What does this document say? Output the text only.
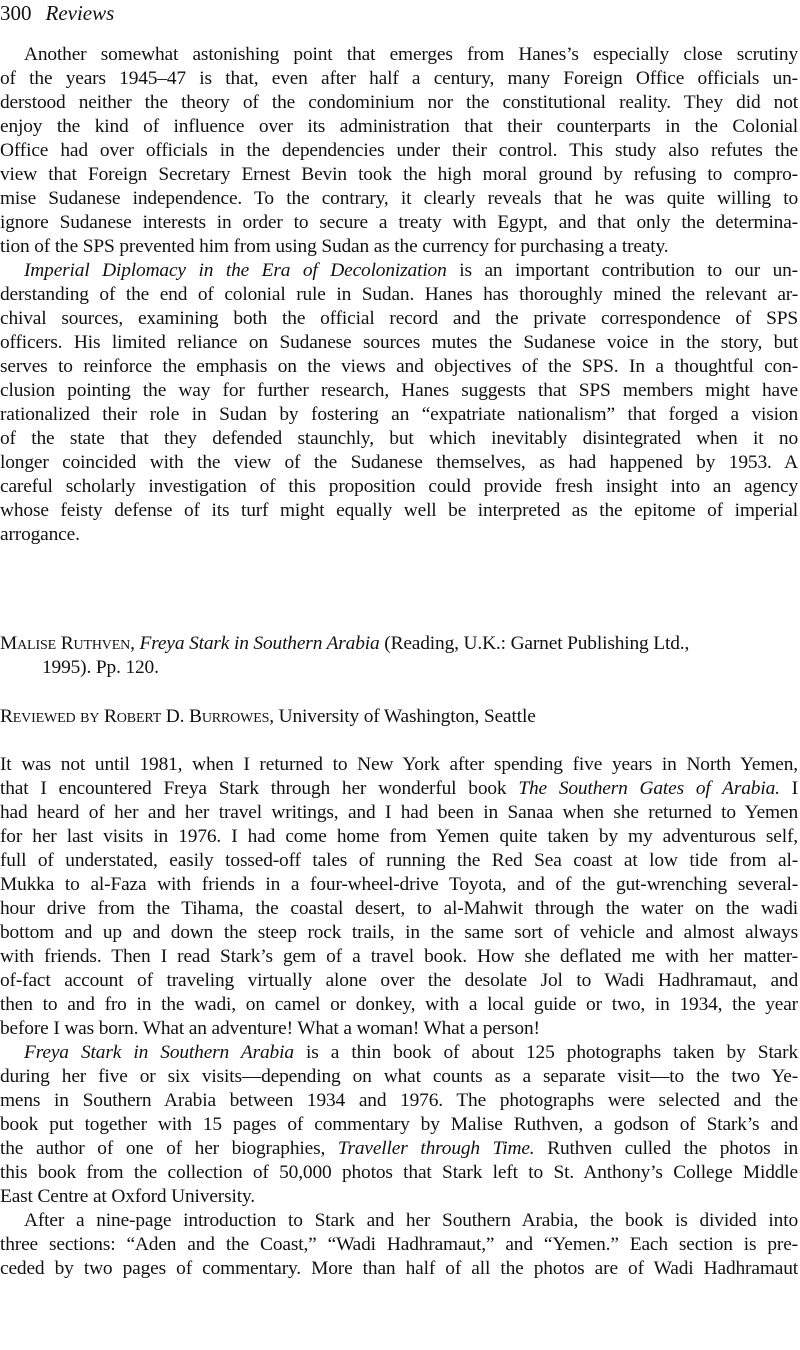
300 Reviews
Another somewhat astonishing point that emerges from Hanes’s especially close scrutiny
of the years 1945–47 is that, even after half a century, many Foreign Office officials un-
derstood neither the theory of the condominium nor the constitutional reality. They did not
enjoy the kind of influence over its administration that their counterparts in the Colonial
Office had over officials in the dependencies under their control. This study also refutes the
view that Foreign Secretary Ernest Bevin took the high moral ground by refusing to compro-
mise Sudanese independence. To the contrary, it clearly reveals that he was quite willing to
ignore Sudanese interests in order to secure a treaty with Egypt, and that only the determina-
tion of the SPS prevented him from using Sudan as the currency for purchasing a treaty.
Imperial Diplomacy in the Era of Decolonization is an important contribution to our un-
derstanding of the end of colonial rule in Sudan. Hanes has thoroughly mined the relevant ar-
chival sources, examining both the official record and the private correspondence of SPS
officers. His limited reliance on Sudanese sources mutes the Sudanese voice in the story, but
serves to reinforce the emphasis on the views and objectives of the SPS. In a thoughtful con-
clusion pointing the way for further research, Hanes suggests that SPS members might have
rationalized their role in Sudan by fostering an “expatriate nationalism” that forged a vision
of the state that they defended staunchly, but which inevitably disintegrated when it no
longer coincided with the view of the Sudanese themselves, as had happened by 1953. A
careful scholarly investigation of this proposition could provide fresh insight into an agency
whose feisty defense of its turf might equally well be interpreted as the epitome of imperial
arrogance.
Malise Ruthven, Freya Stark in Southern Arabia (Reading, U.K.: Garnet Publishing Ltd.,
1995). Pp. 120.
Reviewed by Robert D. Burrowes, University of Washington, Seattle
It was not until 1981, when I returned to New York after spending five years in North Yemen,
that I encountered Freya Stark through her wonderful book The Southern Gates of Arabia. I
had heard of her and her travel writings, and I had been in Sanaa when she returned to Yemen
for her last visits in 1976. I had come home from Yemen quite taken by my adventurous self,
full of understated, easily tossed-off tales of running the Red Sea coast at low tide from al-
Mukka to al-Faza with friends in a four-wheel-drive Toyota, and of the gut-wrenching several-
hour drive from the Tihama, the coastal desert, to al-Mahwit through the water on the wadi
bottom and up and down the steep rock trails, in the same sort of vehicle and almost always
with friends. Then I read Stark’s gem of a travel book. How she deflated me with her matter-
of-fact account of traveling virtually alone over the desolate Jol to Wadi Hadhramaut, and
then to and fro in the wadi, on camel or donkey, with a local guide or two, in 1934, the year
before I was born. What an adventure! What a woman! What a person!
Freya Stark in Southern Arabia is a thin book of about 125 photographs taken by Stark
during her five or six visits—depending on what counts as a separate visit—to the two Ye-
mens in Southern Arabia between 1934 and 1976. The photographs were selected and the
book put together with 15 pages of commentary by Malise Ruthven, a godson of Stark’s and
the author of one of her biographies, Traveller through Time. Ruthven culled the photos in
this book from the collection of 50,000 photos that Stark left to St. Anthony’s College Middle
East Centre at Oxford University.
After a nine-page introduction to Stark and her Southern Arabia, the book is divided into
three sections: “Aden and the Coast,” “Wadi Hadhramaut,” and “Yemen.” Each section is pre-
ceded by two pages of commentary. More than half of all the photos are of Wadi Hadhramaut
